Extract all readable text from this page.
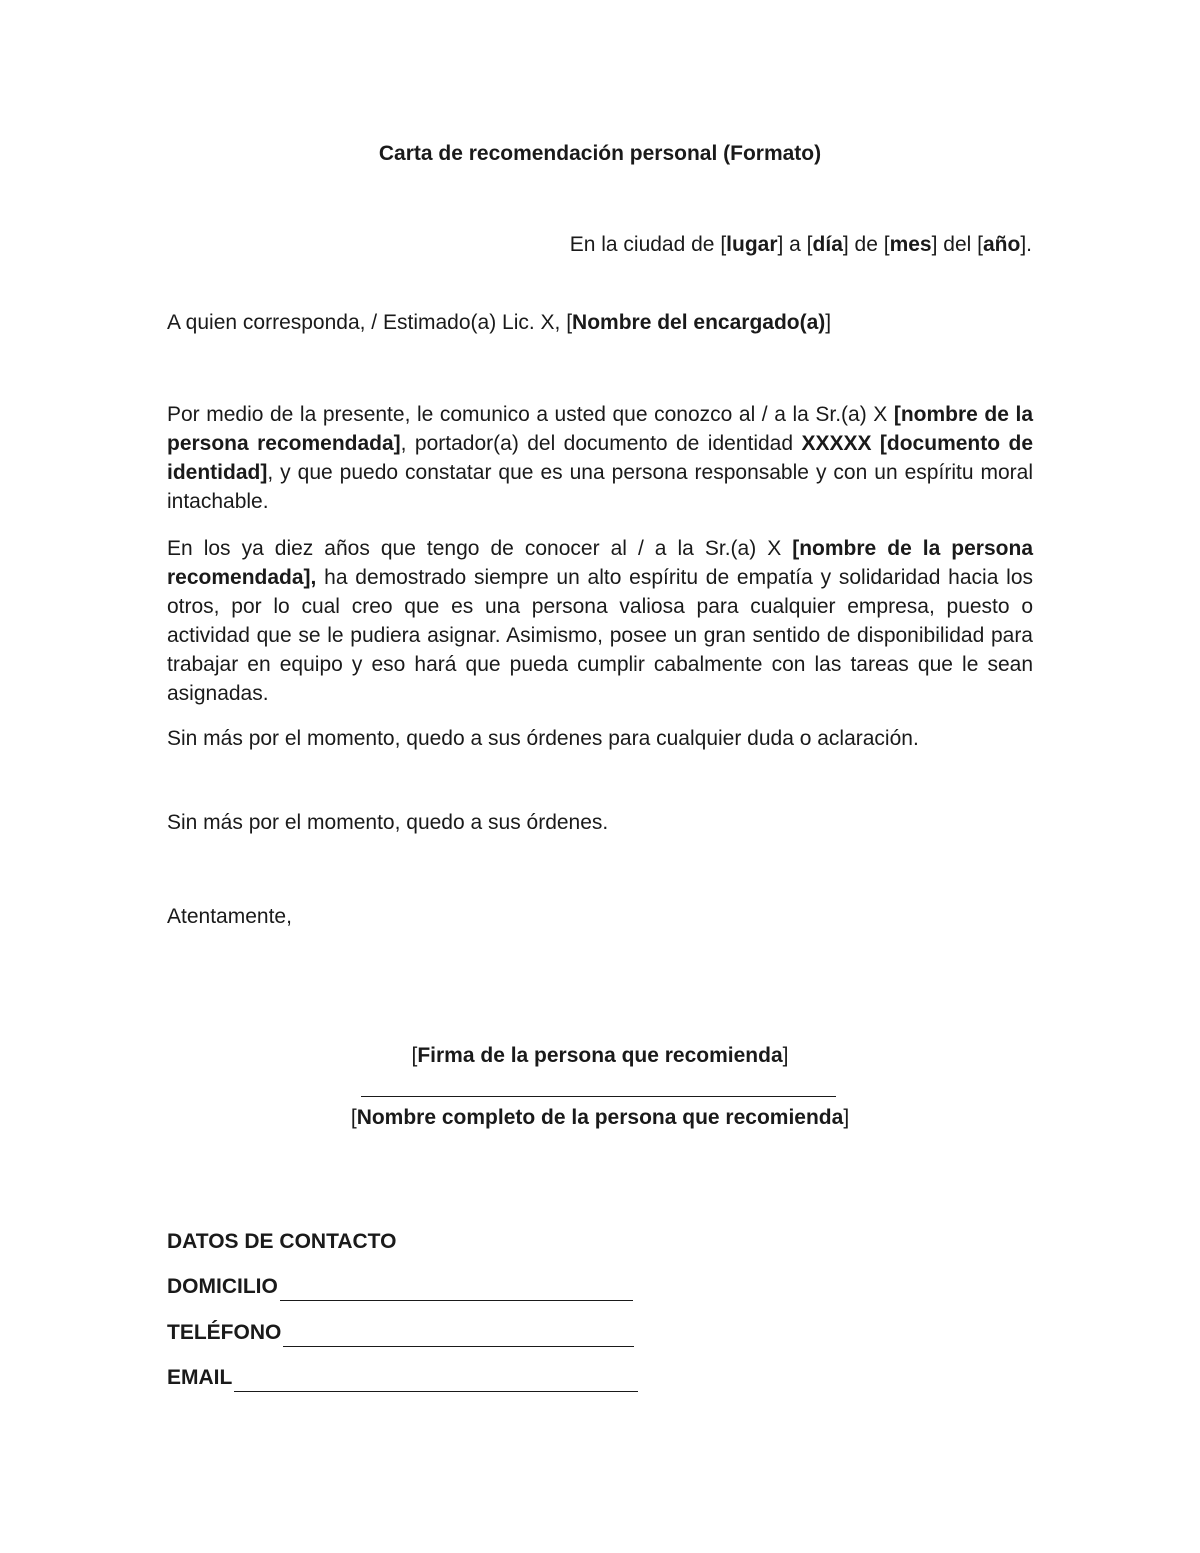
Carta de recomendación personal (Formato)
En la ciudad de [lugar] a [día] de [mes] del [año].
A quien corresponda, / Estimado(a) Lic. X, [Nombre del encargado(a)]
Por medio de la presente, le comunico a usted que conozco al / a la Sr.(a) X [nombre de la persona recomendada], portador(a) del documento de identidad XXXXX [documento de identidad], y que puedo constatar que es una persona responsable y con un espíritu moral intachable.
En los ya diez años que tengo de conocer al / a la Sr.(a) X [nombre de la persona recomendada], ha demostrado siempre un alto espíritu de empatía y solidaridad hacia los otros, por lo cual creo que es una persona valiosa para cualquier empresa, puesto o actividad que se le pudiera asignar. Asimismo, posee un gran sentido de disponibilidad para trabajar en equipo y eso hará que pueda cumplir cabalmente con las tareas que le sean asignadas.
Sin más por el momento, quedo a sus órdenes para cualquier duda o aclaración.
Sin más por el momento, quedo a sus órdenes.
Atentamente,
[Firma de la persona que recomienda]
[Nombre completo de la persona que recomienda]
DATOS DE CONTACTO
DOMICILIO
TELÉFONO
EMAIL
